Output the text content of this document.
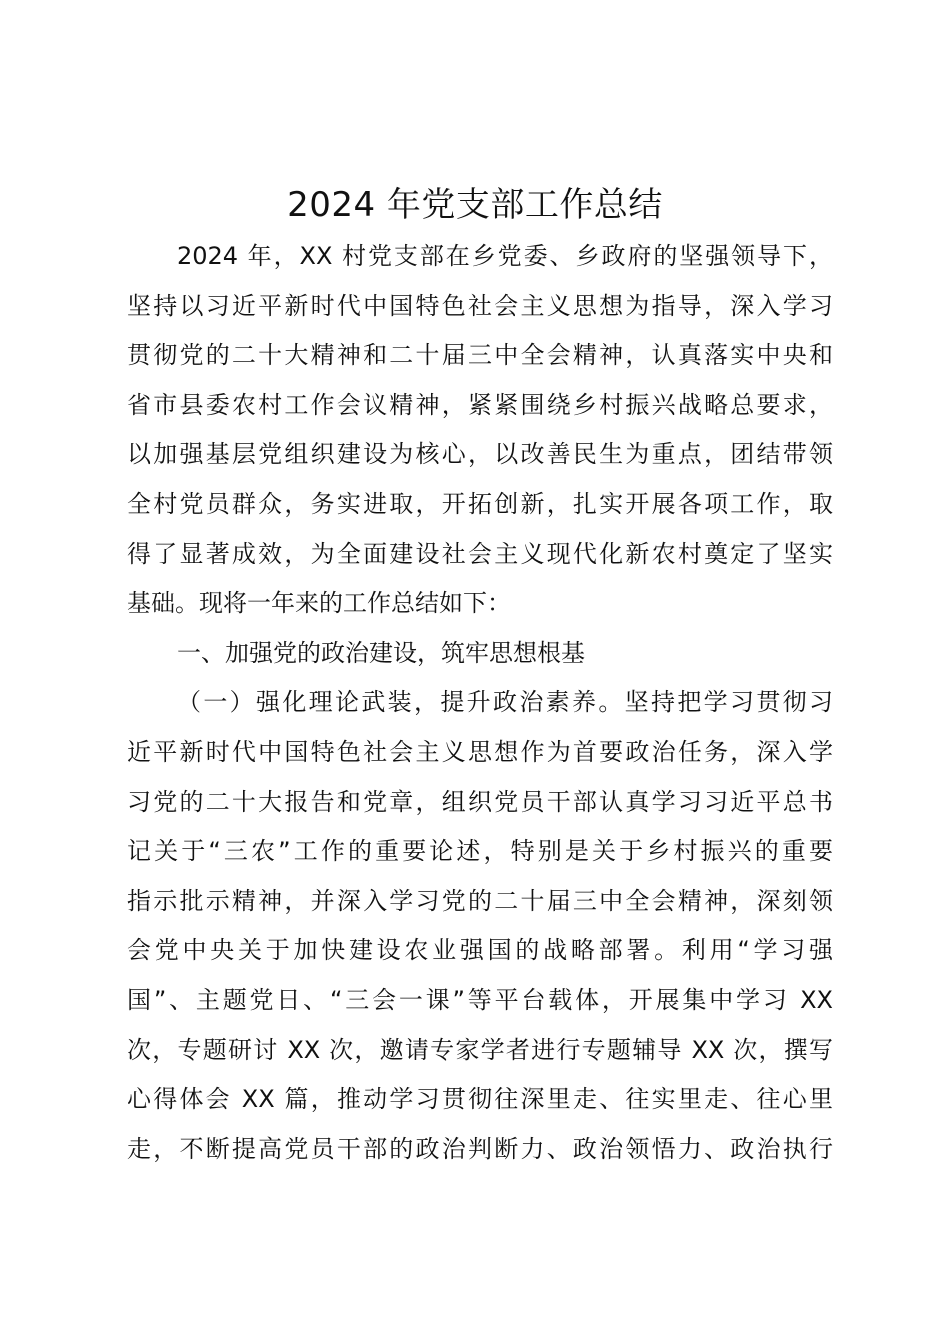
2024 年党支部工作总结
2024 年，XX 村党支部在乡党委、乡政府的坚强领导下，
坚持以习近平新时代中国特色社会主义思想为指导，深入学习
贯彻党的二十大精神和二十届三中全会精神，认真落实中央和
省市县委农村工作会议精神，紧紧围绕乡村振兴战略总要求，
以加强基层党组织建设为核心，以改善民生为重点，团结带领
全村党员群众，务实进取，开拓创新，扎实开展各项工作，取
得了显著成效，为全面建设社会主义现代化新农村奠定了坚实
基础。现将一年来的工作总结如下：
一、加强党的政治建设，筑牢思想根基
（一）强化理论武装，提升政治素养。坚持把学习贯彻习
近平新时代中国特色社会主义思想作为首要政治任务，深入学
习党的二十大报告和党章，组织党员干部认真学习习近平总书
记关于“三农”工作的重要论述，特别是关于乡村振兴的重要
指示批示精神，并深入学习党的二十届三中全会精神，深刻领
会党中央关于加快建设农业强国的战略部署。利用“学习强
国”、主题党日、“三会一课”等平台载体，开展集中学习 XX
次，专题研讨 XX 次，邀请专家学者进行专题辅导 XX 次，撰写
心得体会 XX 篇，推动学习贯彻往深里走、往实里走、往心里
走，不断提高党员干部的政治判断力、政治领悟力、政治执行
